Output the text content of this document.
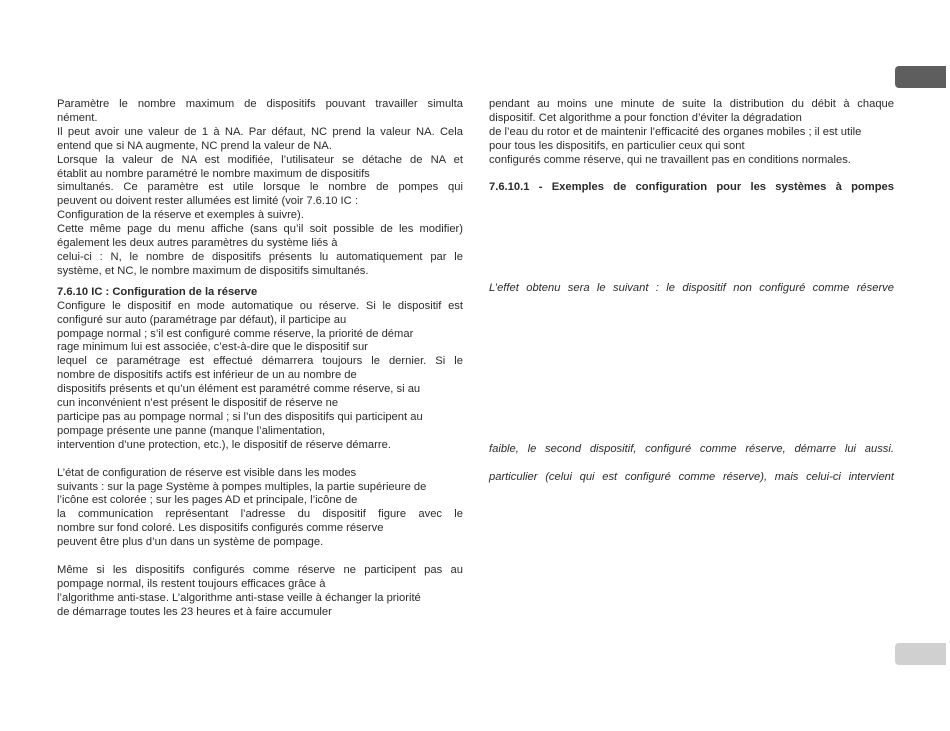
Paramètre le nombre maximum de dispositifs pouvant travailler simulta

nément.

Il peut avoir une valeur de 1 à NA. Par défaut, NC prend la valeur NA. Cela

entend que si NA augmente, NC prend la valeur de NA.

Lorsque la valeur de NA est modifiée, l’utilisateur se détache de NA et

établit au nombre paramétré le nombre maximum de dispositifs

simultanés. Ce paramètre est utile lorsque le nombre de pompes qui

peuvent ou doivent rester allumées est limité (voir 7.6.10 IC :

Configuration de la réserve et exemples à suivre).

Cette même page du menu affiche (sans qu’il soit possible de les modifier)

également les deux autres paramètres du système liés à

celui-ci : N, le nombre de dispositifs présents lu automatiquement par le

système, et NC, le nombre maximum de dispositifs simultanés.

7.6.10 IC : Configuration de la réserve

Configure le dispositif en mode automatique ou réserve. Si le dispositif est

configuré sur auto (paramétrage par défaut), il participe au

pompage normal ; s’il est configuré comme réserve, la priorité de démar

rage minimum lui est associée, c’est-à-dire que le dispositif sur

lequel ce paramétrage est effectué démarrera toujours le dernier. Si le

nombre de dispositifs actifs est inférieur de un au nombre de

dispositifs présents et qu’un élément est paramétré comme réserve, si au

cun inconvénient n’est présent le dispositif de réserve ne

participe pas au pompage normal ; si l’un des dispositifs qui participent au

pompage présente une panne (manque l’alimentation,

intervention d’une protection, etc.), le dispositif de réserve démarre.

L’état de configuration de réserve est visible dans les modes

suivants : sur la page Système à pompes multiples, la partie supérieure de

l’icône est colorée ; sur les pages AD et principale, l’icône de

la communication représentant l’adresse du dispositif figure avec le

nombre sur fond coloré. Les dispositifs configurés comme réserve

peuvent être plus d’un dans un système de pompage.

Même si les dispositifs configurés comme réserve ne participent pas au

pompage normal, ils restent toujours efficaces grâce à

l’algorithme anti-stase. L’algorithme anti-stase veille à échanger la priorité

de démarrage toutes les 23 heures et à faire accumuler

pendant au moins une minute de suite la distribution du débit à chaque

dispositif. Cet algorithme a pour fonction d’éviter la dégradation

de l’eau du rotor et de maintenir l’efficacité des organes mobiles ; il est utile

pour tous les dispositifs, en particulier ceux qui sont

configurés comme réserve, qui ne travaillent pas en conditions normales.

7.6.10.1 - Exemples de configuration pour les systèmes à pompes

L’effet obtenu sera le suivant : le dispositif non configuré comme réserve

faible, le second dispositif, configuré comme réserve, démarre lui aussi.

particulier (celui qui est configuré comme réserve), mais celui-ci intervient
